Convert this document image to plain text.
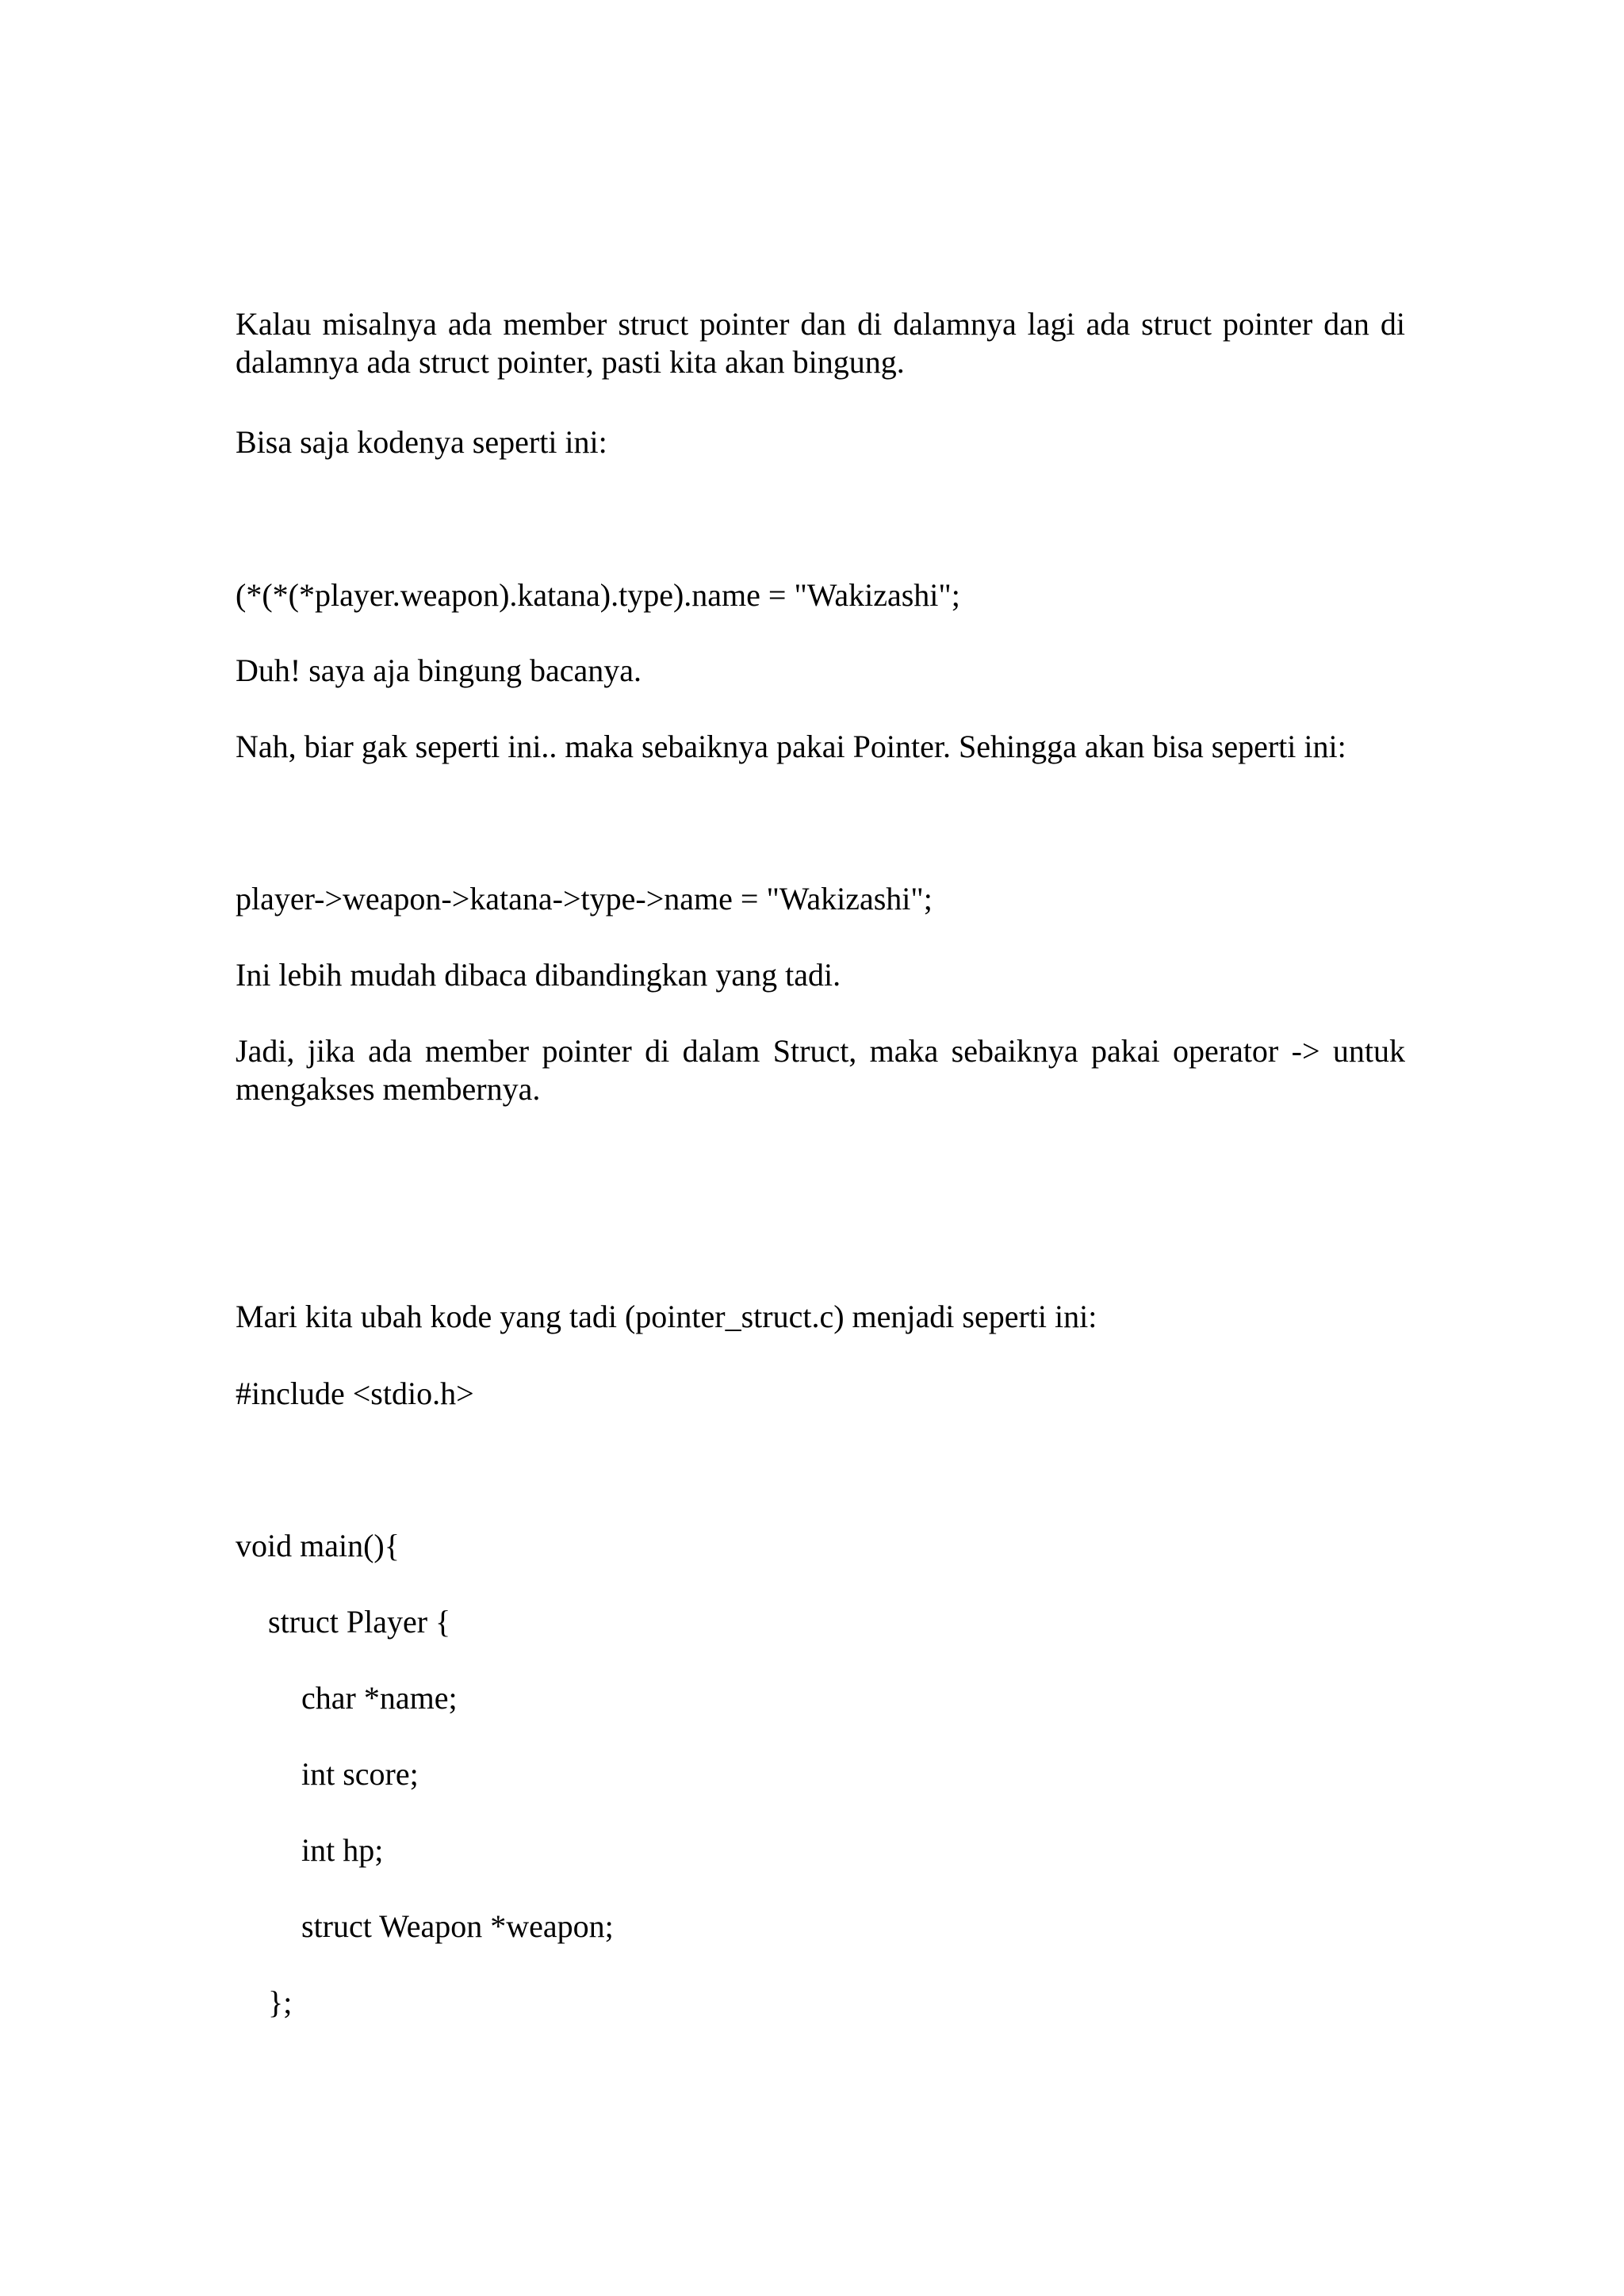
Kalau misalnya ada member struct pointer dan di dalamnya lagi ada struct pointer dan di dalamnya ada struct pointer, pasti kita akan bingung.

Bisa saja kodenya seperti ini:

(*(*(*player.weapon).katana).type).name = "Wakizashi";

Duh! saya aja bingung bacanya.

Nah, biar gak seperti ini.. maka sebaiknya pakai Pointer. Sehingga akan bisa seperti ini:

player->weapon->katana->type->name = "Wakizashi";

Ini lebih mudah dibaca dibandingkan yang tadi.

Jadi, jika ada member pointer di dalam Struct, maka sebaiknya pakai operator -> untuk mengakses membernya.

Mari kita ubah kode yang tadi (pointer_struct.c) menjadi seperti ini:

#include <stdio.h>

void main(){

struct Player {

char *name;

int score;

int hp;

struct Weapon *weapon;

};
